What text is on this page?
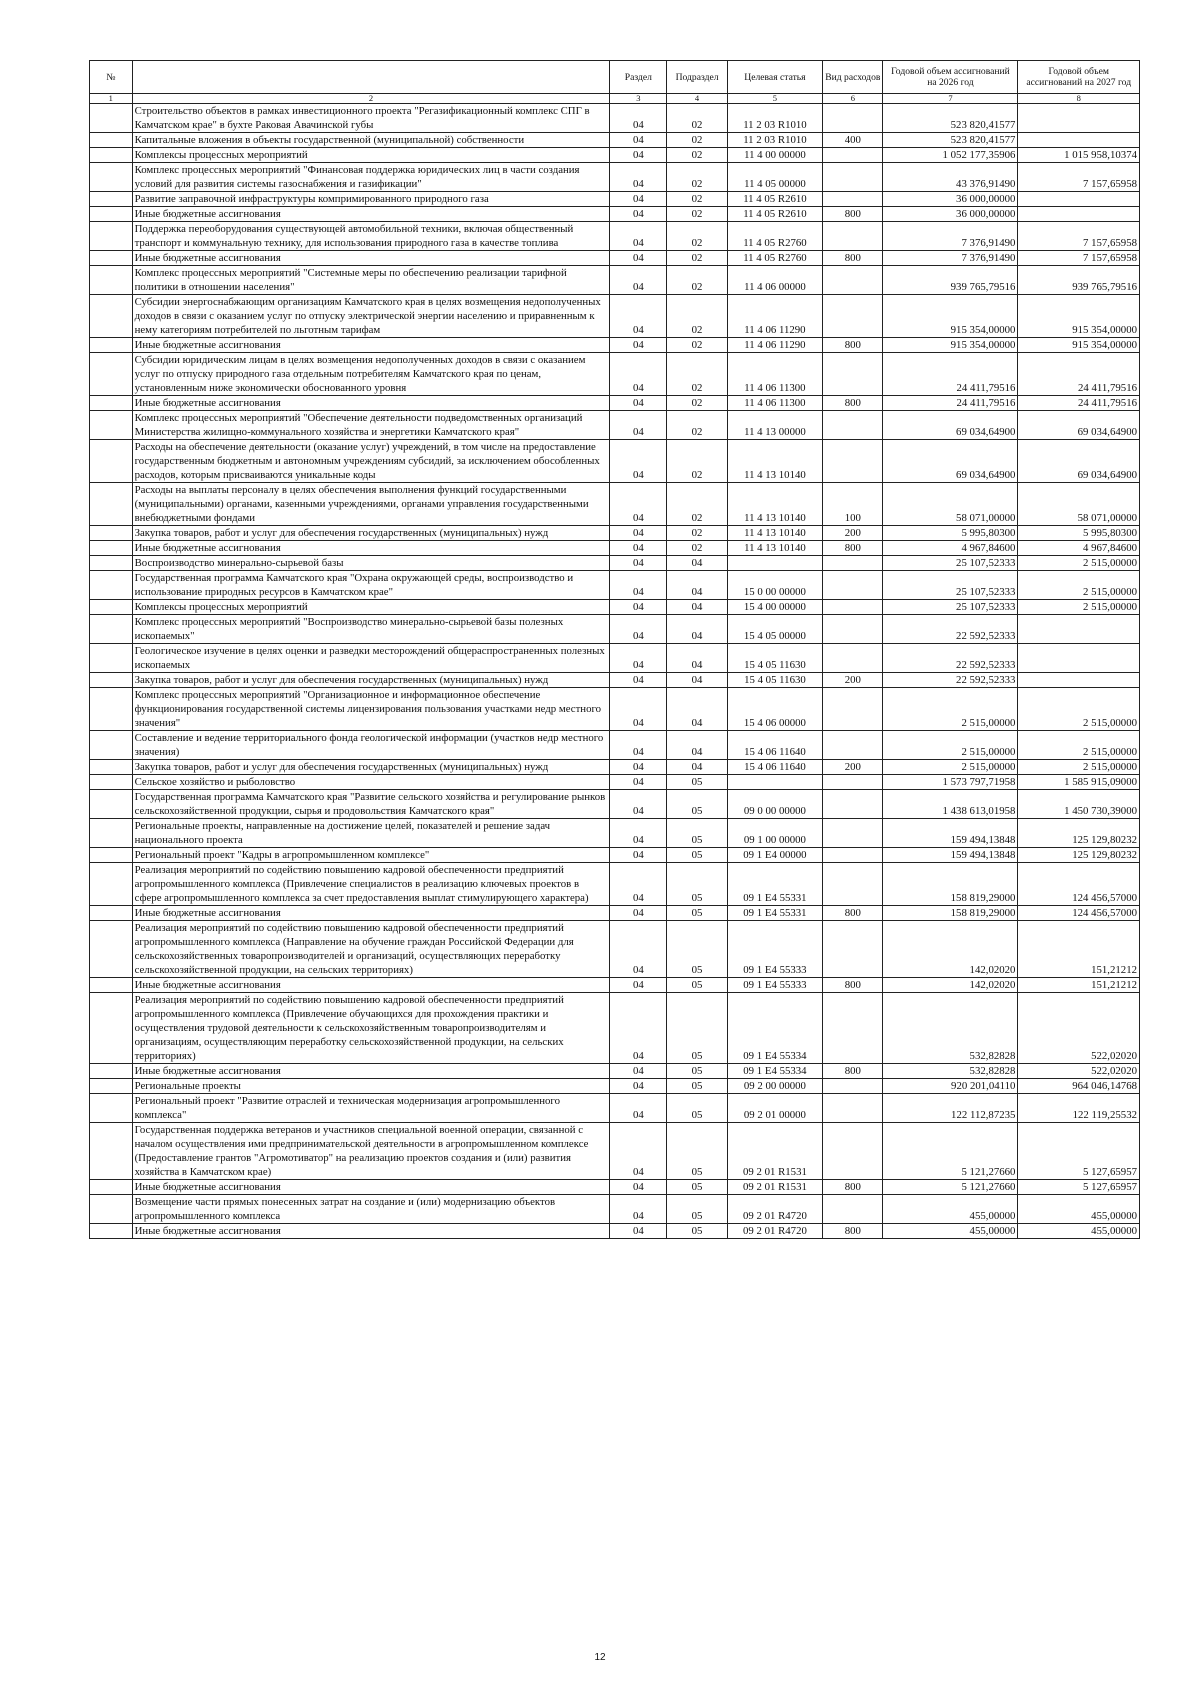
№		Раздел	Подраздел	Целевая статья	Вид расходов	Годовой объем ассигнований на 2026 год	Годовой объем ассигнований на 2027 год
1	2	3	4	5	6	7	8
	Строительство объектов в рамках инвестиционного проекта "Регазификационный комплекс СПГ в Камчатском крае" в бухте Раковая Авачинской губы	04	02	11 2 03 R1010		523 820,41577	
	Капитальные вложения в объекты государственной (муниципальной) собственности	04	02	11 2 03 R1010	400	523 820,41577	
	Комплексы процессных мероприятий	04	02	11 4 00 00000		1 052 177,35906	1 015 958,10374
	Комплекс процессных мероприятий "Финансовая поддержка юридических лиц в части создания условий для развития системы газоснабжения и газификации"	04	02	11 4 05 00000		43 376,91490	7 157,65958
	Развитие заправочной инфраструктуры компримированного природного газа	04	02	11 4 05 R2610		36 000,00000	
	Иные бюджетные ассигнования	04	02	11 4 05 R2610	800	36 000,00000	
	Поддержка переоборудования существующей автомобильной техники, включая общественный транспорт и коммунальную технику, для использования природного газа в качестве топлива	04	02	11 4 05 R2760		7 376,91490	7 157,65958
	Иные бюджетные ассигнования	04	02	11 4 05 R2760	800	7 376,91490	7 157,65958
	Комплекс процессных мероприятий "Системные меры по обеспечению реализации тарифной политики в отношении населения"	04	02	11 4 06 00000		939 765,79516	939 765,79516
	Субсидии энергоснабжающим организациям Камчатского края в целях возмещения недополученных доходов в связи с оказанием услуг по отпуску электрической энергии населению и приравненным к нему категориям потребителей по льготным тарифам	04	02	11 4 06 11290		915 354,00000	915 354,00000
	Иные бюджетные ассигнования	04	02	11 4 06 11290	800	915 354,00000	915 354,00000
	Субсидии юридическим лицам в целях возмещения недополученных доходов в связи с оказанием услуг по отпуску природного газа отдельным потребителям Камчатского края по ценам, установленным ниже экономически обоснованного уровня	04	02	11 4 06 11300		24 411,79516	24 411,79516
	Иные бюджетные ассигнования	04	02	11 4 06 11300	800	24 411,79516	24 411,79516
	Комплекс процессных мероприятий "Обеспечение деятельности подведомственных организаций Министерства жилищно-коммунального хозяйства и энергетики Камчатского края"	04	02	11 4 13 00000		69 034,64900	69 034,64900
	Расходы на обеспечение деятельности (оказание услуг) учреждений, в том числе на предоставление государственным бюджетным и автономным учреждениям субсидий, за исключением обособленных расходов, которым присваиваются уникальные коды	04	02	11 4 13 10140		69 034,64900	69 034,64900
	Расходы на выплаты персоналу в целях обеспечения выполнения функций государственными (муниципальными) органами, казенными учреждениями, органами управления государственными внебюджетными фондами	04	02	11 4 13 10140	100	58 071,00000	58 071,00000
	Закупка товаров, работ и услуг для обеспечения государственных (муниципальных) нужд	04	02	11 4 13 10140	200	5 995,80300	5 995,80300
	Иные бюджетные ассигнования	04	02	11 4 13 10140	800	4 967,84600	4 967,84600
	Воспроизводство минерально-сырьевой базы	04	04			25 107,52333	2 515,00000
	Государственная программа Камчатского края "Охрана окружающей среды, воспроизводство и использование природных ресурсов в Камчатском крае"	04	04	15 0 00 00000		25 107,52333	2 515,00000
	Комплексы процессных мероприятий	04	04	15 4 00 00000		25 107,52333	2 515,00000
	Комплекс процессных мероприятий "Воспроизводство минерально-сырьевой базы полезных ископаемых"	04	04	15 4 05 00000		22 592,52333	
	Геологическое изучение в целях оценки и разведки месторождений общераспространенных полезных ископаемых	04	04	15 4 05 11630		22 592,52333	
	Закупка товаров, работ и услуг для обеспечения государственных (муниципальных) нужд	04	04	15 4 05 11630	200	22 592,52333	
	Комплекс процессных мероприятий "Организационное и информационное обеспечение функционирования государственной системы лицензирования пользования участками недр местного значения"	04	04	15 4 06 00000		2 515,00000	2 515,00000
	Составление и ведение территориального фонда геологической информации (участков недр местного значения)	04	04	15 4 06 11640		2 515,00000	2 515,00000
	Закупка товаров, работ и услуг для обеспечения государственных (муниципальных) нужд	04	04	15 4 06 11640	200	2 515,00000	2 515,00000
	Сельское хозяйство и рыболовство	04	05			1 573 797,71958	1 585 915,09000
	Государственная программа Камчатского края "Развитие сельского хозяйства и регулирование рынков сельскохозяйственной продукции, сырья и продовольствия Камчатского края"	04	05	09 0 00 00000		1 438 613,01958	1 450 730,39000
	Региональные проекты, направленные на достижение целей, показателей и решение задач национального проекта	04	05	09 1 00 00000		159 494,13848	125 129,80232
	Региональный проект "Кадры в агропромышленном комплексе"	04	05	09 1 E4 00000		159 494,13848	125 129,80232
	Реализация мероприятий по содействию повышению кадровой обеспеченности предприятий агропромышленного комплекса (Привлечение специалистов в реализацию ключевых проектов в сфере агропромышленного комплекса за счет предоставления выплат стимулирующего характера)	04	05	09 1 E4 55331		158 819,29000	124 456,57000
	Иные бюджетные ассигнования	04	05	09 1 E4 55331	800	158 819,29000	124 456,57000
	Реализация мероприятий по содействию повышению кадровой обеспеченности предприятий агропромышленного комплекса (Направление на обучение граждан Российской Федерации для сельскохозяйственных товаропроизводителей и организаций, осуществляющих переработку сельскохозяйственной продукции, на сельских территориях)	04	05	09 1 E4 55333		142,02020	151,21212
	Иные бюджетные ассигнования	04	05	09 1 E4 55333	800	142,02020	151,21212
	Реализация мероприятий по содействию повышению кадровой обеспеченности предприятий агропромышленного комплекса (Привлечение обучающихся для прохождения практики и осуществления трудовой деятельности к сельскохозяйственным товаропроизводителям и организациям, осуществляющим переработку сельскохозяйственной продукции, на сельских территориях)	04	05	09 1 E4 55334		532,82828	522,02020
	Иные бюджетные ассигнования	04	05	09 1 E4 55334	800	532,82828	522,02020
	Региональные проекты	04	05	09 2 00 00000		920 201,04110	964 046,14768
	Региональный проект "Развитие отраслей и техническая модернизация агропромышленного комплекса"	04	05	09 2 01 00000		122 112,87235	122 119,25532
	Государственная поддержка ветеранов и участников специальной военной операции, связанной с началом осуществления ими предпринимательской деятельности в агропромышленном комплексе (Предоставление грантов "Агромотиватор" на реализацию проектов создания и (или) развития хозяйства в Камчатском крае)	04	05	09 2 01 R1531		5 121,27660	5 127,65957
	Иные бюджетные ассигнования	04	05	09 2 01 R1531	800	5 121,27660	5 127,65957
	Возмещение части прямых понесенных затрат на создание и (или) модернизацию объектов агропромышленного комплекса	04	05	09 2 01 R4720		455,00000	455,00000
	Иные бюджетные ассигнования	04	05	09 2 01 R4720	800	455,00000	455,00000
12
